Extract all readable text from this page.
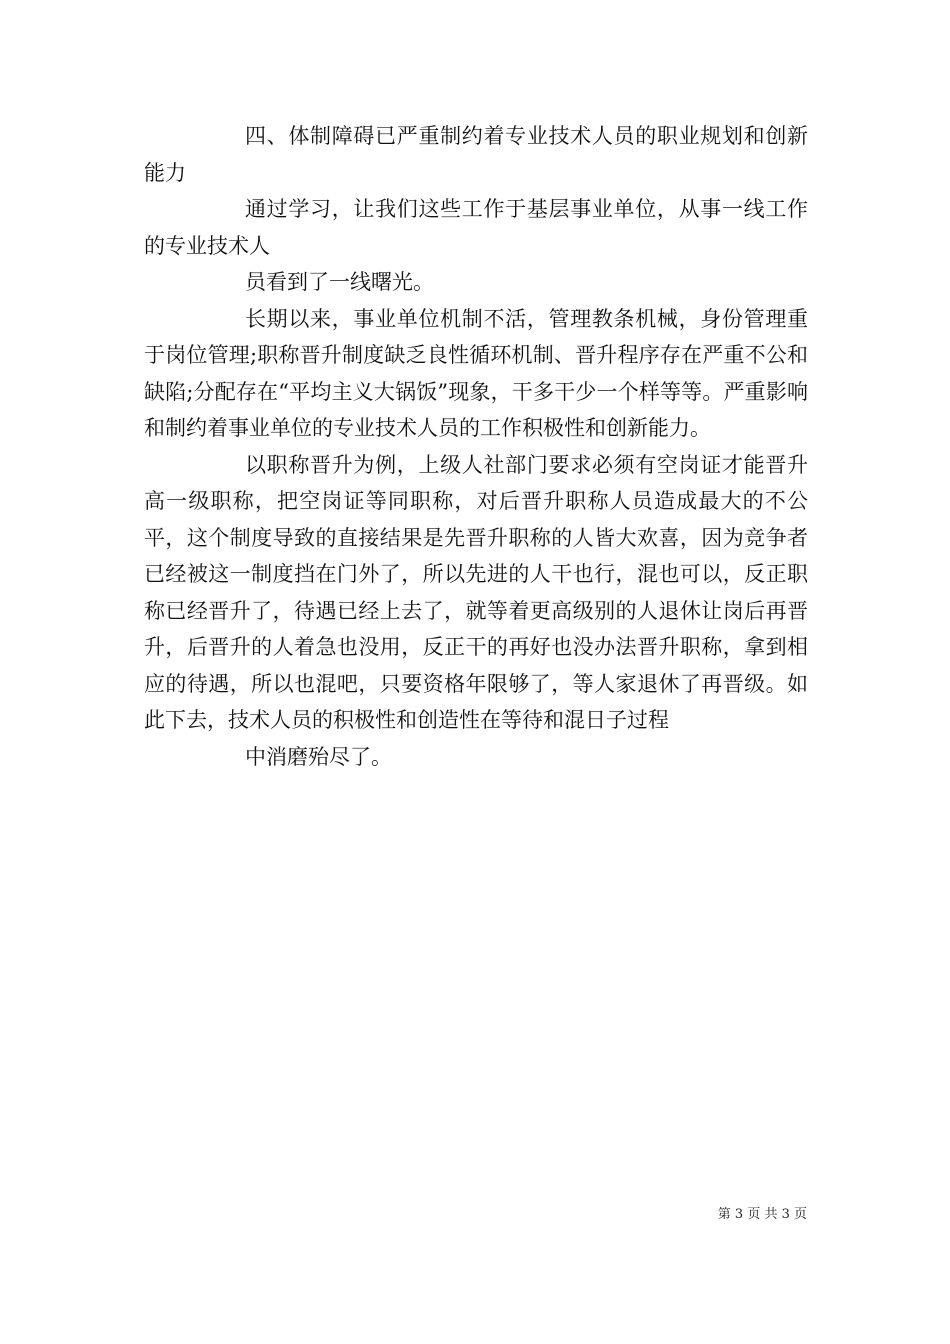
四、体制障碍已严重制约着专业技术人员的职业规划和创新能力

通过学习，让我们这些工作于基层事业单位，从事一线工作的专业技术人

员看到了一线曙光。

长期以来，事业单位机制不活，管理教条机械，身份管理重于岗位管理;职称晋升制度缺乏良性循环机制、晋升程序存在严重不公和缺陷;分配存在“平均主义大锅饭”现象，干多干少一个样等等。严重影响和制约着事业单位的专业技术人员的工作积极性和创新能力。

以职称晋升为例，上级人社部门要求必须有空岗证才能晋升高一级职称，把空岗证等同职称，对后晋升职称人员造成最大的不公平，这个制度导致的直接结果是先晋升职称的人皆大欢喜，因为竞争者已经被这一制度挡在门外了，所以先进的人干也行，混也可以，反正职称已经晋升了，待遇已经上去了，就等着更高级别的人退休让岗后再晋升，后晋升的人着急也没用，反正干的再好也没办法晋升职称，拿到相应的待遇，所以也混吧，只要资格年限够了，等人家退休了再晋级。如此下去，技术人员的积极性和创造性在等待和混日子过程

中消磨殆尽了。

第 3 页 共 3 页
